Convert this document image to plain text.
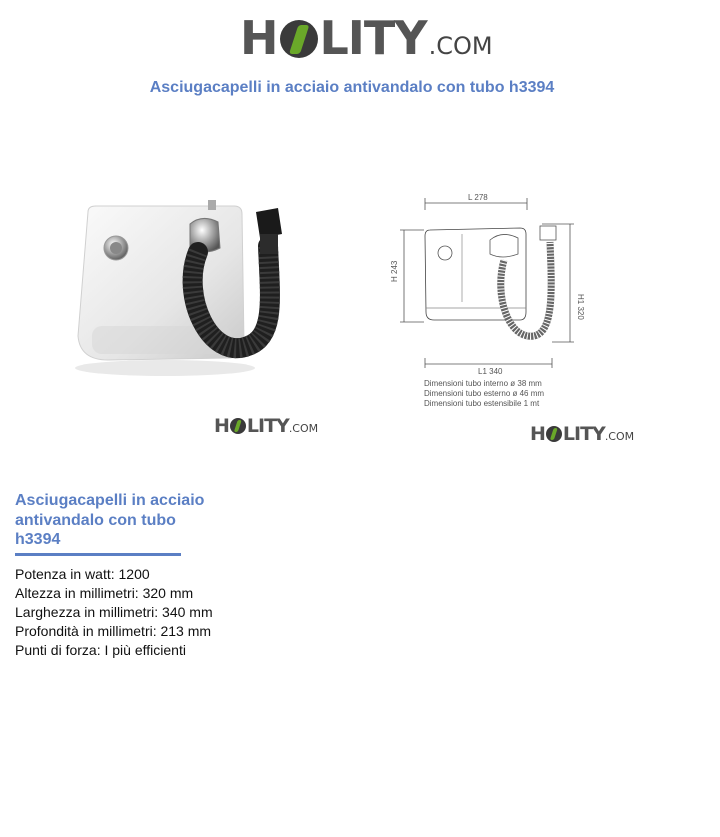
H LITY .COM
Asciugacapelli in acciaio antivandalo con tubo h3394
H LITY .COM
L 278
H 243
H1 320
L1 340
Dimensioni tubo interno ø 38 mm
Dimensioni tubo esterno ø 46 mm
Dimensioni tubo estensibile 1 mt
H LITY .COM
Asciugacapelli in acciaio antivandalo con tubo h3394
Potenza in watt: 1200
Altezza in millimetri: 320 mm
Larghezza in millimetri: 340 mm
Profondità in millimetri: 213 mm
Punti di forza: I più efficienti
